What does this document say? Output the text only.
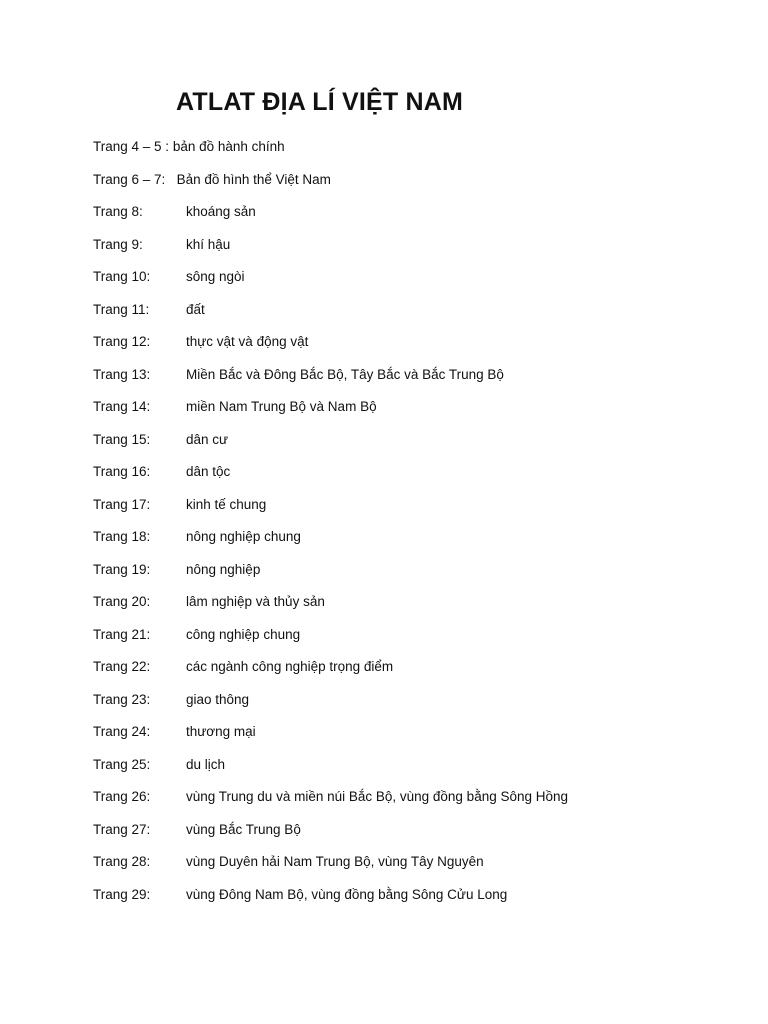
ATLAT ĐỊA LÍ VIỆT NAM
Trang 4 – 5 : bản đồ hành chính
Trang 6 – 7: Bản đồ hình thể Việt Nam
Trang 8:	khoáng sản
Trang 9:	khí hậu
Trang 10:	sông ngòi
Trang 11:	đất
Trang 12:	thực vật và động vật
Trang 13:	Miền Bắc và Đông Bắc Bộ, Tây Bắc và Bắc Trung Bộ
Trang 14:	miền Nam Trung Bộ và Nam Bộ
Trang 15:	dân cư
Trang 16:	dân tộc
Trang 17:	kinh tế chung
Trang 18:	nông nghiệp chung
Trang 19:	nông nghiệp
Trang 20:	lâm nghiệp và thủy sản
Trang 21:	công nghiệp chung
Trang 22:	các ngành công nghiệp trọng điểm
Trang 23:	giao thông
Trang 24:	thương mại
Trang 25:	du lịch
Trang 26:	vùng Trung du và miền núi Bắc Bộ, vùng đồng bằng Sông Hồng
Trang 27:	vùng Bắc Trung Bộ
Trang 28:	vùng Duyên hải Nam Trung Bộ, vùng Tây Nguyên
Trang 29:	vùng Đông Nam Bộ, vùng đồng bằng Sông Cửu Long
